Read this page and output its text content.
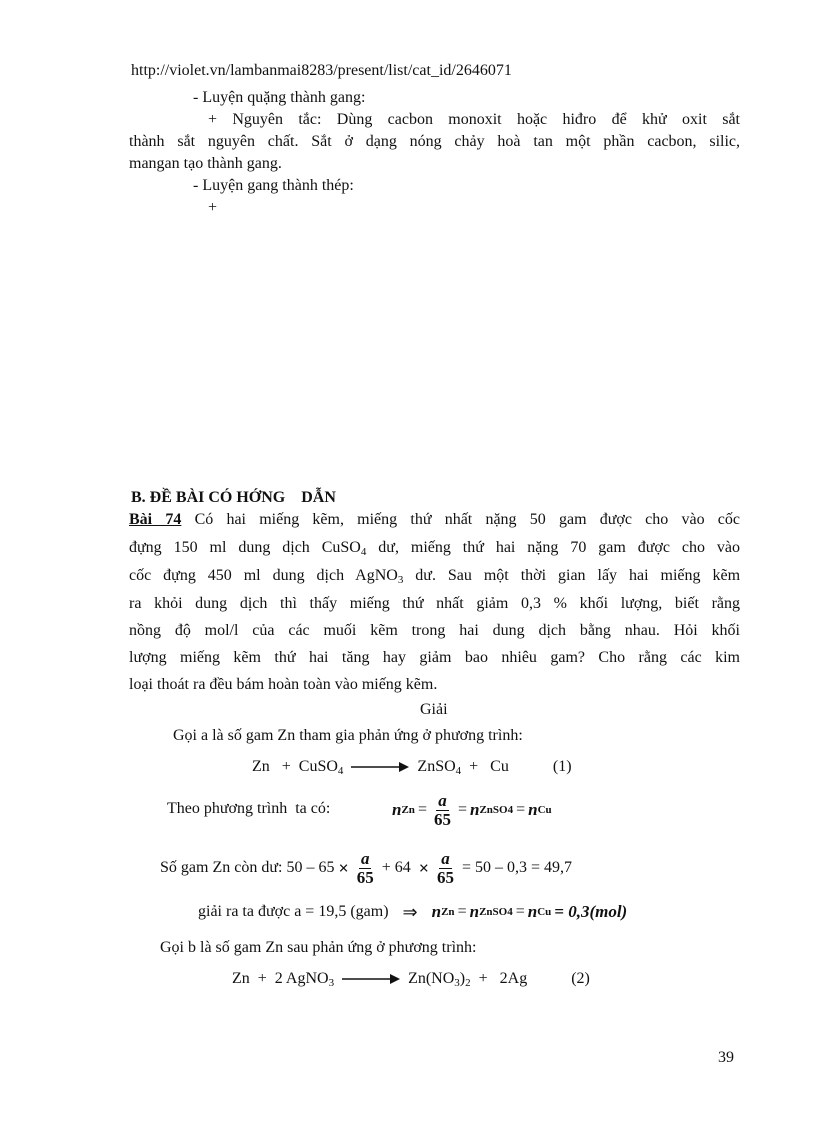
http://violet.vn/lambanmai8283/present/list/cat_id/2646071
- Luyện quặng thành gang:
+ Nguyên tắc: Dùng cacbon monoxit hoặc hiđro để khử oxit sắt
thành sắt nguyên chất. Sắt ở dạng nóng chảy hoà tan một phần cacbon, silic,
mangan tạo thành gang.
- Luyện gang thành thép:
+
B. ĐỀ BÀI CÓ HỚNG    DẪN
Bài 74 Có hai miếng kẽm, miếng thứ nhất nặng 50 gam được cho vào cốc
đựng 150 ml dung dịch CuSO$_4$ dư, miếng thứ hai nặng 70 gam được cho vào
cốc đựng 450 ml dung dịch AgNO$_3$ dư. Sau một thời gian lấy hai miếng kẽm
ra khỏi dung dịch thì thấy miếng thứ nhất giảm 0,3 % khối lượng, biết rằng
nồng độ mol/l của các muối kẽm trong hai dung dịch bằng nhau. Hỏi khối
lượng miếng kẽm thứ hai tăng hay giảm bao nhiêu gam? Cho rằng các kim
loại thoát ra đều bám hoàn toàn vào miếng kẽm.
Giải
Gọi a là số gam Zn tham gia phản ứng ở phương trình:
Zn   +  CuSO$_4$ → ZnSO$_4$  +   Cu	(1)
Theo phương trình  ta có:	n $Zn = \frac{a}{65} = n$ ZnSO4 = n Cu
Số gam Zn còn dư: $50 - 65 \times \frac{a}{65} + 64 \times \frac{a}{65} = 50 - 0,3 = 49,7$
giải ra ta được a = 19,5 (gam) ⇒ n Zn = n ZnSO4 = n Cu = 0,3(mol)
Gọi b là số gam Zn sau phản ứng ở phương trình:
Zn  +  2 AgNO$_3$ → $Zn(NO_3)_2 + 2Ag$	(2)
39
